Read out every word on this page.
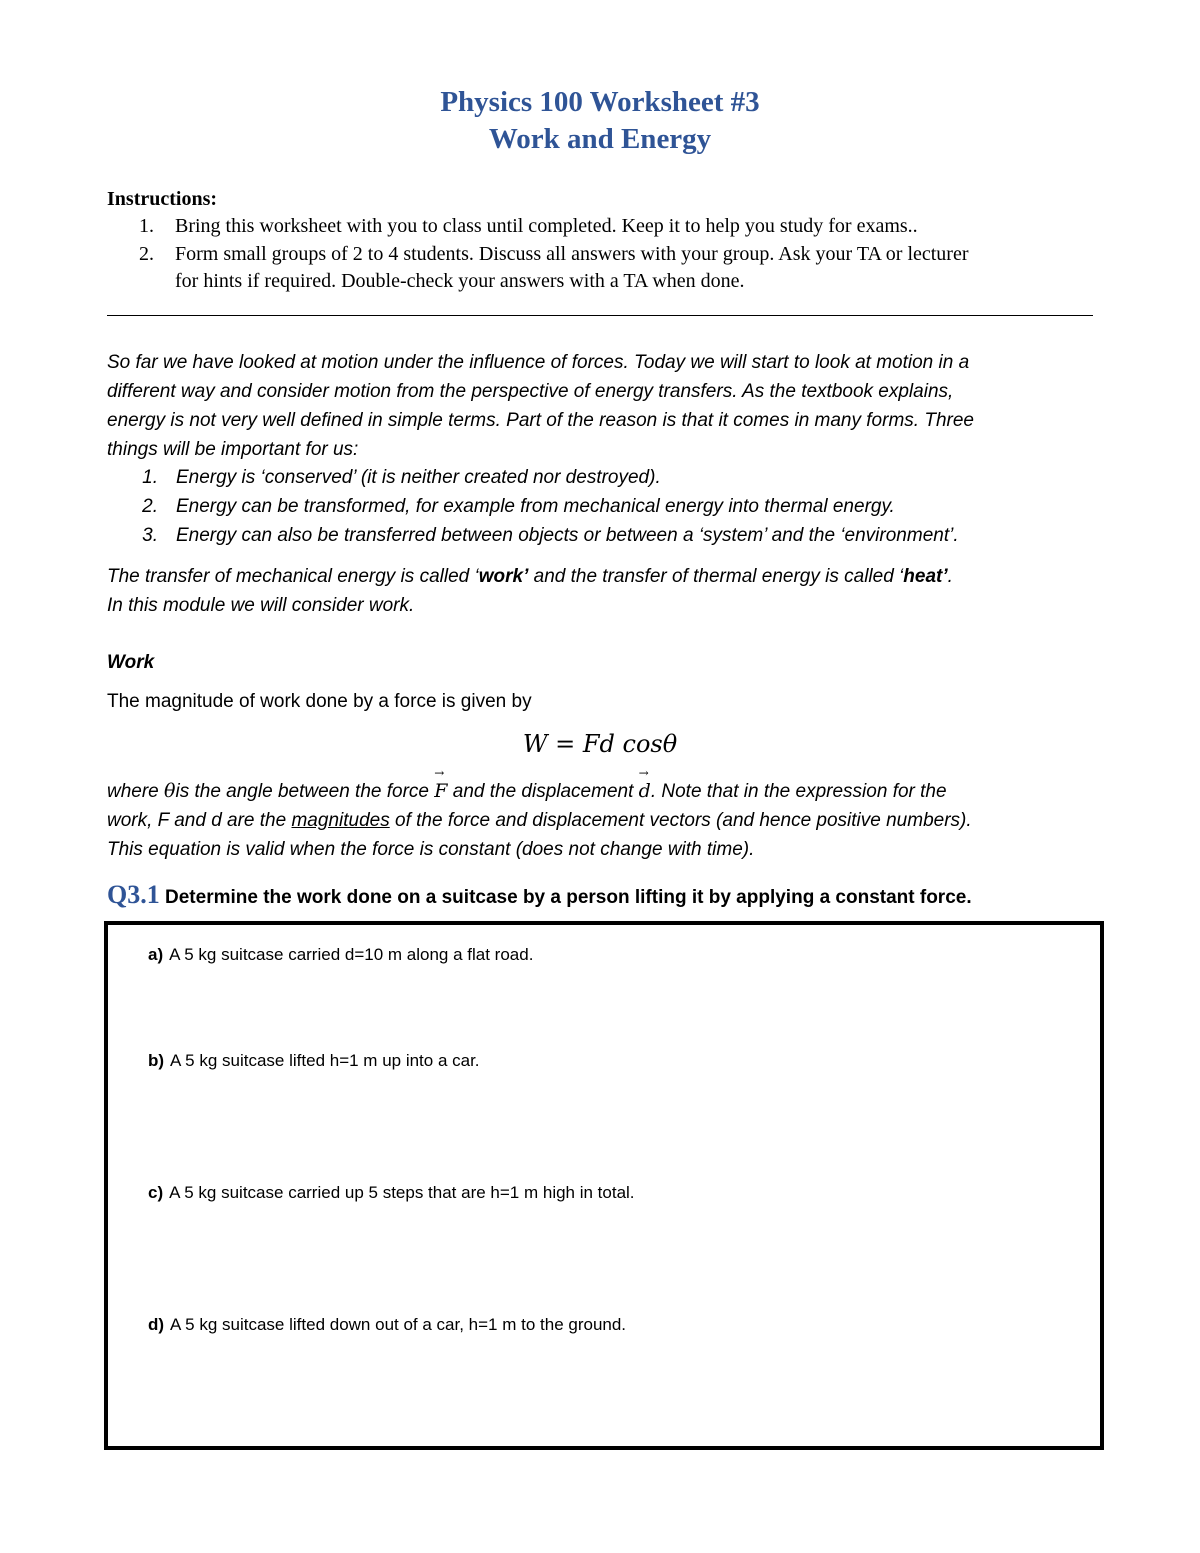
Physics 100 Worksheet #3
Work and Energy
Instructions:
1. Bring this worksheet with you to class until completed. Keep it to help you study for exams..
2. Form small groups of 2 to 4 students. Discuss all answers with your group. Ask your TA or lecturer
for hints if required. Double-check your answers with a TA when done.
So far we have looked at motion under the influence of forces. Today we will start to look at motion in a
different way and consider motion from the perspective of energy transfers. As the textbook explains,
energy is not very well defined in simple terms. Part of the reason is that it comes in many forms. Three
things will be important for us:
1. Energy is ‘conserved’ (it is neither created nor destroyed).
2. Energy can be transformed, for example from mechanical energy into thermal energy.
3. Energy can also be transferred between objects or between a ‘system’ and the ‘environment’.
The transfer of mechanical energy is called ‘work’ and the transfer of thermal energy is called ‘heat’.
In this module we will consider work.
Work
The magnitude of work done by a force is given by
W = Fd cosθ
where θis the angle between the force → F and the displacement → d. Note that in the expression for the
work, F and d are the magnitudes of the force and displacement vectors (and hence positive numbers).
This equation is valid when the force is constant (does not change with time).
Q3.1 Determine the work done on a suitcase by a person lifting it by applying a constant force.
a) A 5 kg suitcase carried d=10 m along a flat road.
b) A 5 kg suitcase lifted h=1 m up into a car.
c) A 5 kg suitcase carried up 5 steps that are h=1 m high in total.
d) A 5 kg suitcase lifted down out of a car, h=1 m to the ground.
